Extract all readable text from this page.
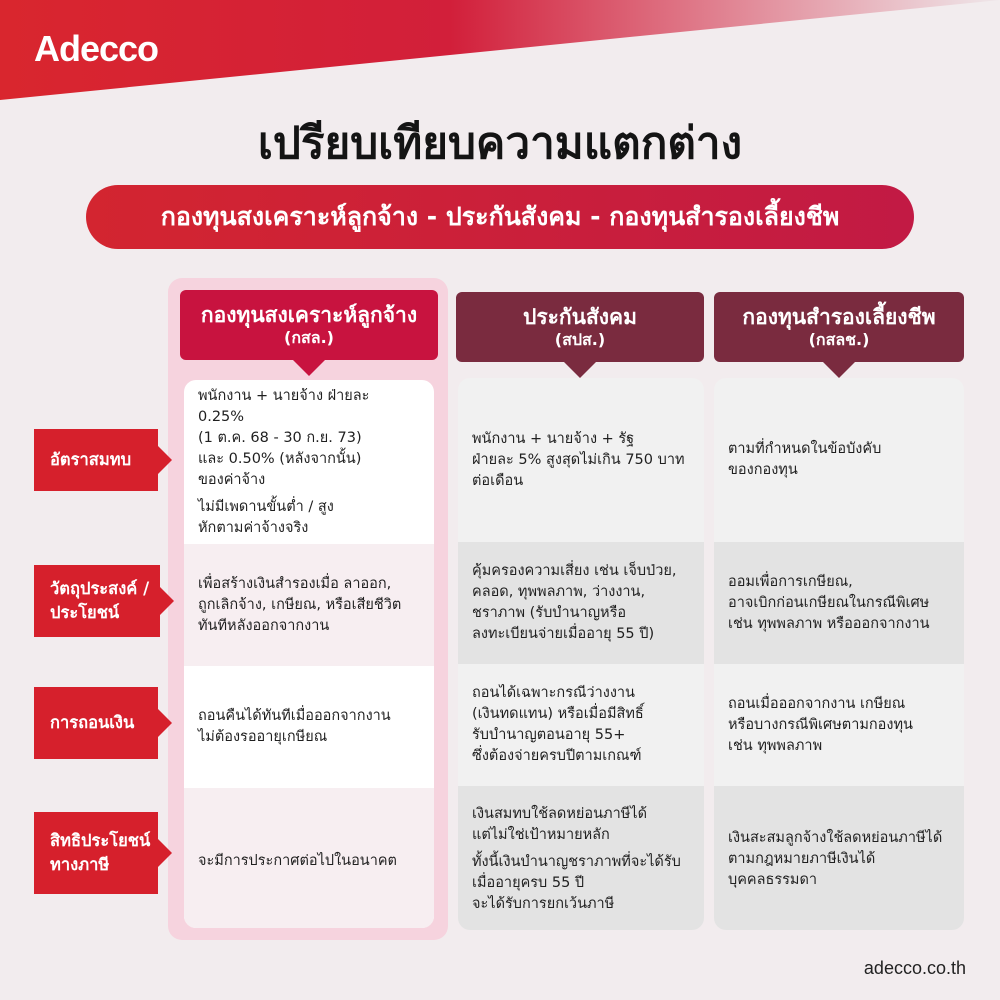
Adecco
เปรียบเทียบความแตกต่าง
กองทุนสงเคราะห์ลูกจ้าง - ประกันสังคม - กองทุนสำรองเลี้ยงชีพ
กองทุนสงเคราะห์ลูกจ้าง
(กสล.)
ประกันสังคม
(สปส.)
กองทุนสำรองเลี้ยงชีพ
(กสลช.)
อัตราสมทบ
วัตถุประสงค์ /
ประโยชน์
การถอนเงิน
สิทธิประโยชน์
ทางภาษี

พนักงาน + นายจ้าง ฝ่ายละ 0.25%
(1 ต.ค. 68 - 30 ก.ย. 73)
และ 0.50% (หลังจากนั้น)
ของค่าจ้าง

ไม่มีเพดานขั้นต่ำ / สูง
หักตามค่าจ้างจริง

เพื่อสร้างเงินสำรองเมื่อ ลาออก,
ถูกเลิกจ้าง, เกษียณ, หรือเสียชีวิต
ทันทีหลังออกจากงาน

ถอนคืนได้ทันทีเมื่อออกจากงาน
ไม่ต้องรออายุเกษียณ

จะมีการประกาศต่อไปในอนาคต

พนักงาน + นายจ้าง + รัฐ
ฝ่ายละ 5% สูงสุดไม่เกิน 750 บาท
ต่อเดือน

คุ้มครองความเสี่ยง เช่น เจ็บป่วย,
คลอด, ทุพพลภาพ, ว่างงาน,
ชราภาพ (รับบำนาญหรือ
ลงทะเบียนจ่ายเมื่ออายุ 55 ปี)

ถอนได้เฉพาะกรณีว่างงาน
(เงินทดแทน) หรือเมื่อมีสิทธิ์
รับบำนาญตอนอายุ 55+
ซึ่งต้องจ่ายครบปีตามเกณฑ์

เงินสมทบใช้ลดหย่อนภาษีได้
แต่ไม่ใช่เป้าหมายหลัก

ทั้งนี้เงินบำนาญชราภาพที่จะได้รับ
เมื่ออายุครบ 55 ปี
จะได้รับการยกเว้นภาษี

ตามที่กำหนดในข้อบังคับ
ของกองทุน

ออมเพื่อการเกษียณ,
อาจเบิกก่อนเกษียณในกรณีพิเศษ
เช่น ทุพพลภาพ หรือออกจากงาน

ถอนเมื่อออกจากงาน เกษียณ
หรือบางกรณีพิเศษตามกองทุน
เช่น ทุพพลภาพ

เงินสะสมลูกจ้างใช้ลดหย่อนภาษีได้
ตามกฎหมายภาษีเงินได้
บุคคลธรรมดา

adecco.co.th
